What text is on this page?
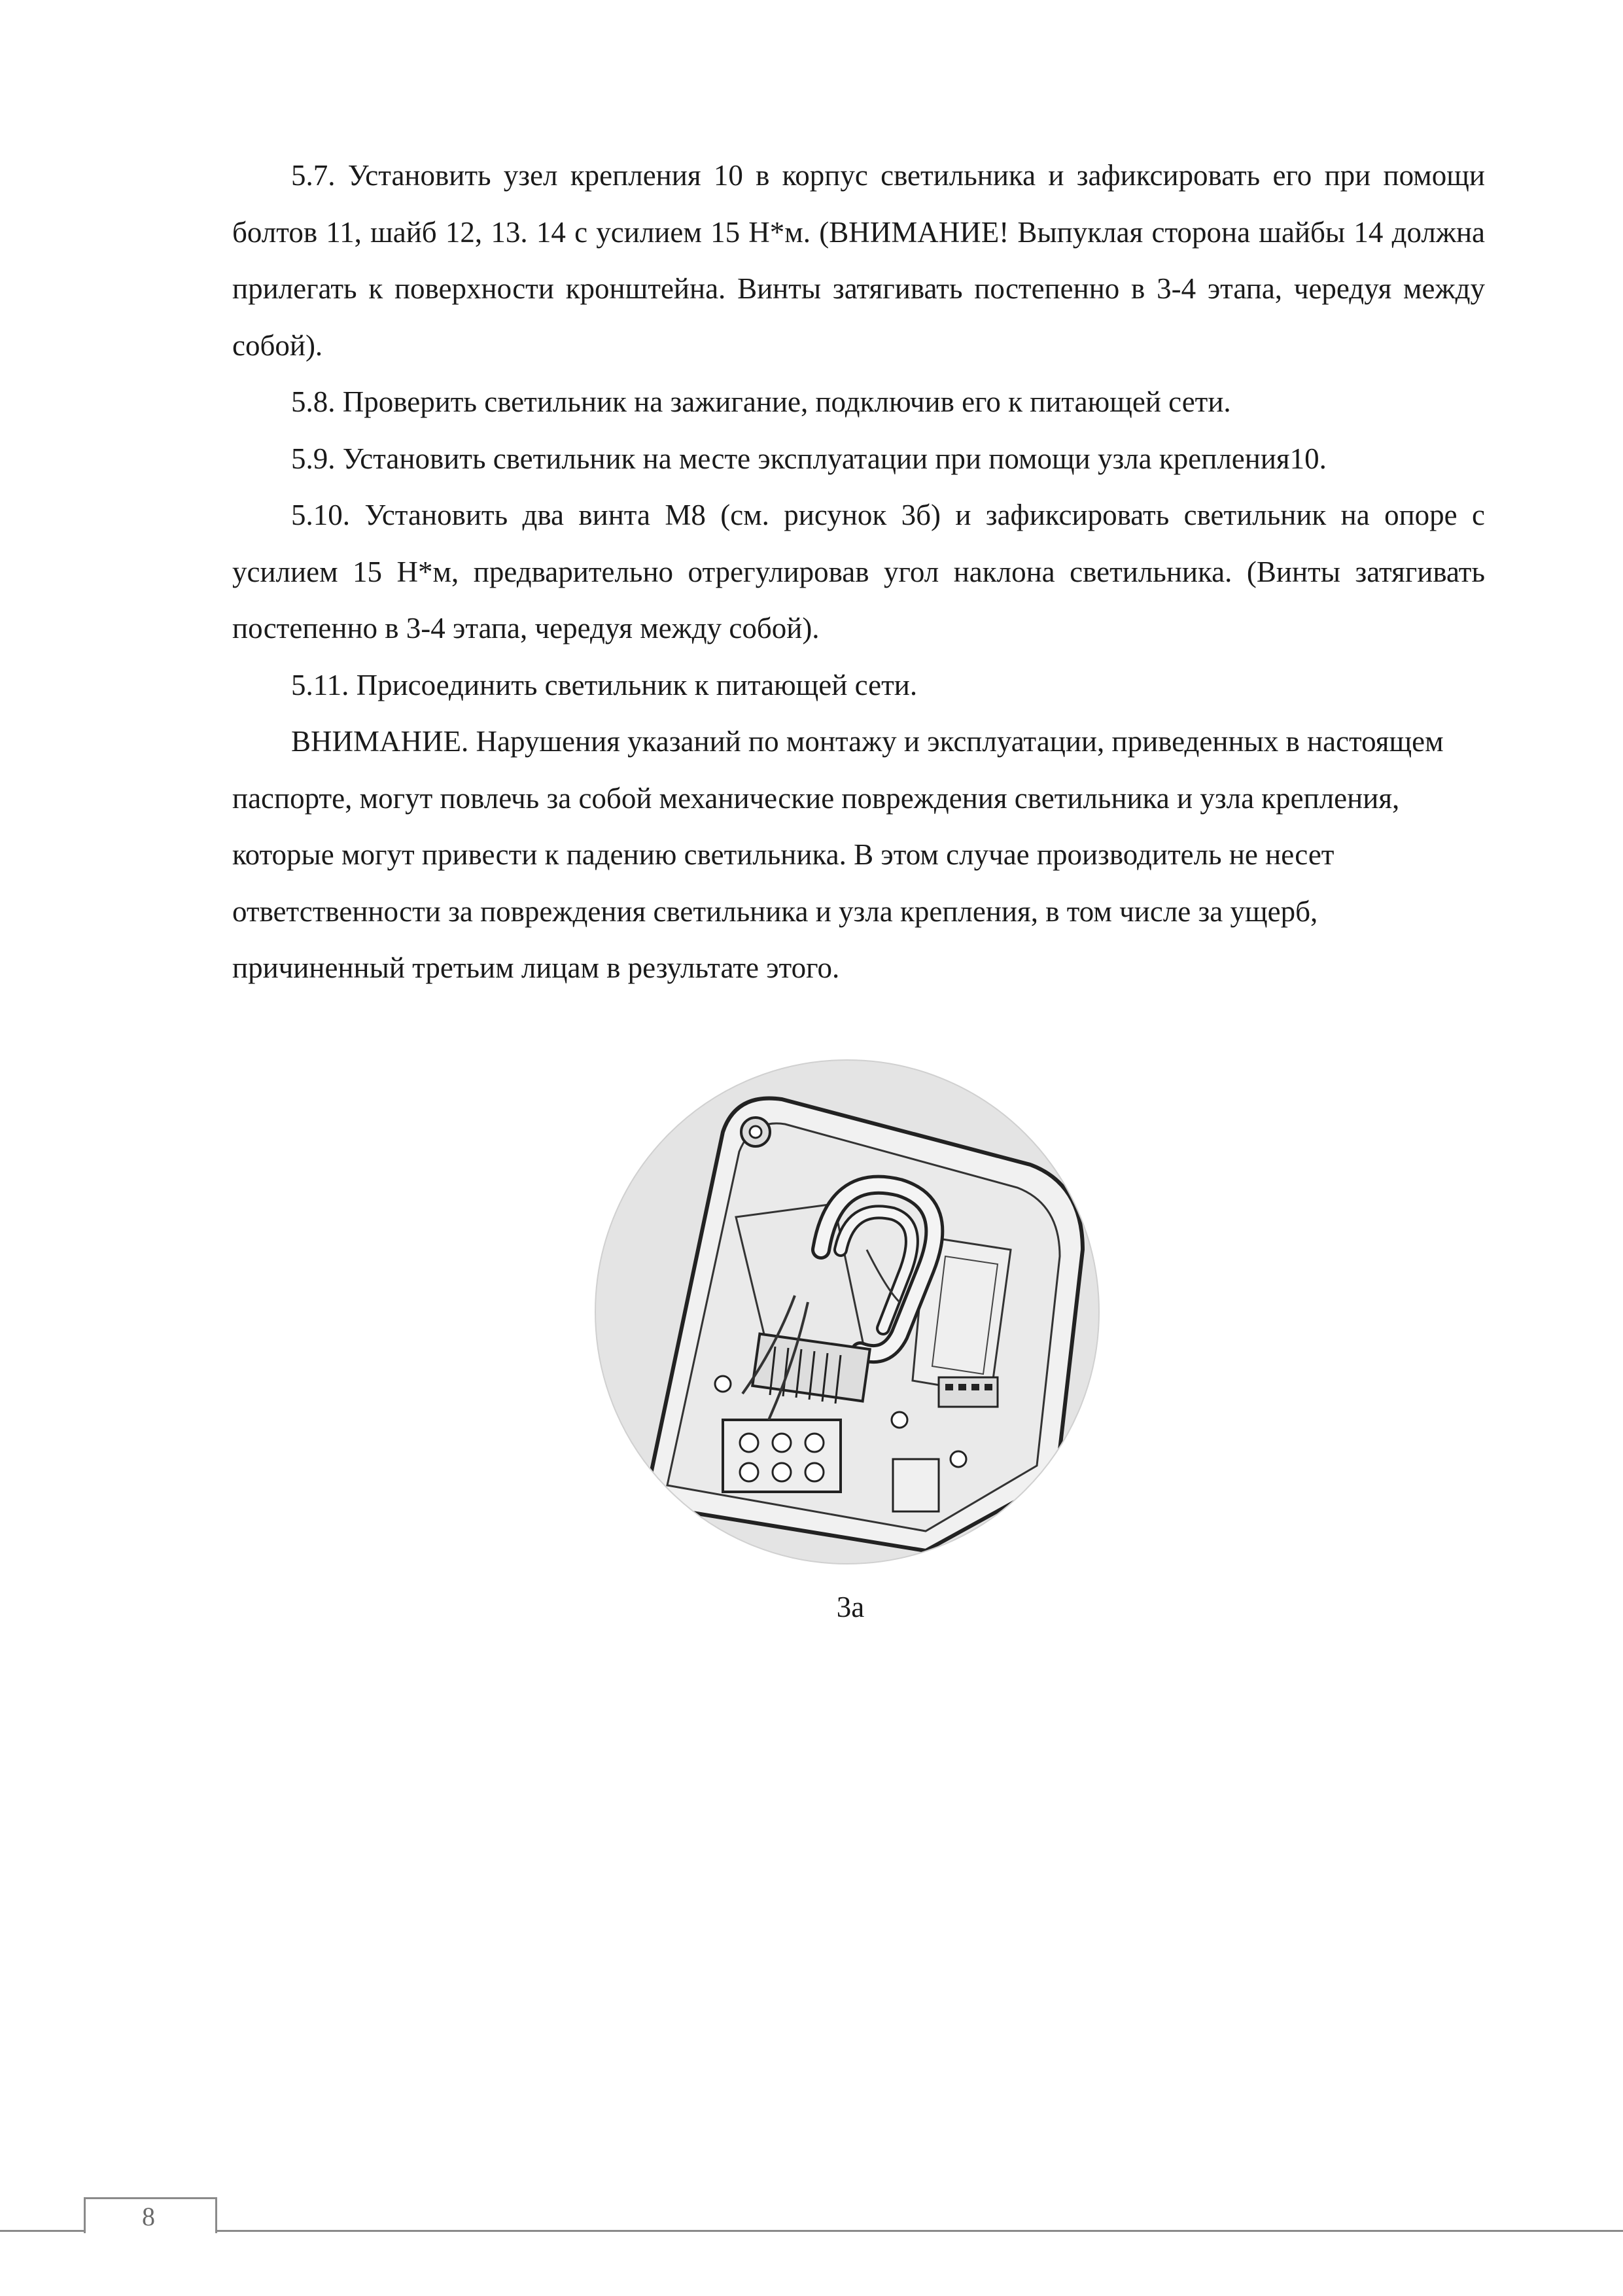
5.7. Установить узел крепления 10 в корпус светильника и зафиксировать его при помощи болтов 11, шайб 12, 13. 14 с усилием 15 Н*м. (ВНИМАНИЕ! Выпуклая сторона шайбы 14 должна прилегать к поверхности кронштейна. Винты затягивать постепенно в 3-4 этапа, чередуя между собой).

5.8. Проверить светильник на зажигание, подключив его к питающей сети.

5.9. Установить светильник на месте эксплуатации при помощи узла крепления10.

5.10. Установить два винта М8 (см. рисунок 3б) и зафиксировать светильник на опоре с усилием 15 Н*м, предварительно отрегулировав угол наклона светильника. (Винты затягивать постепенно в 3-4 этапа, чередуя между собой).

5.11. Присоединить светильник к питающей сети.

ВНИМАНИЕ. Нарушения указаний по монтажу и эксплуатации, приведенных в настоящем паспорте, могут повлечь за собой механические повреждения светильника и узла крепления, которые могут привести к падению светильника. В этом случае производитель не несет ответственности за повреждения светильника и узла крепления, в том числе за ущерб, причиненный третьим лицам в результате этого.

3а
8
